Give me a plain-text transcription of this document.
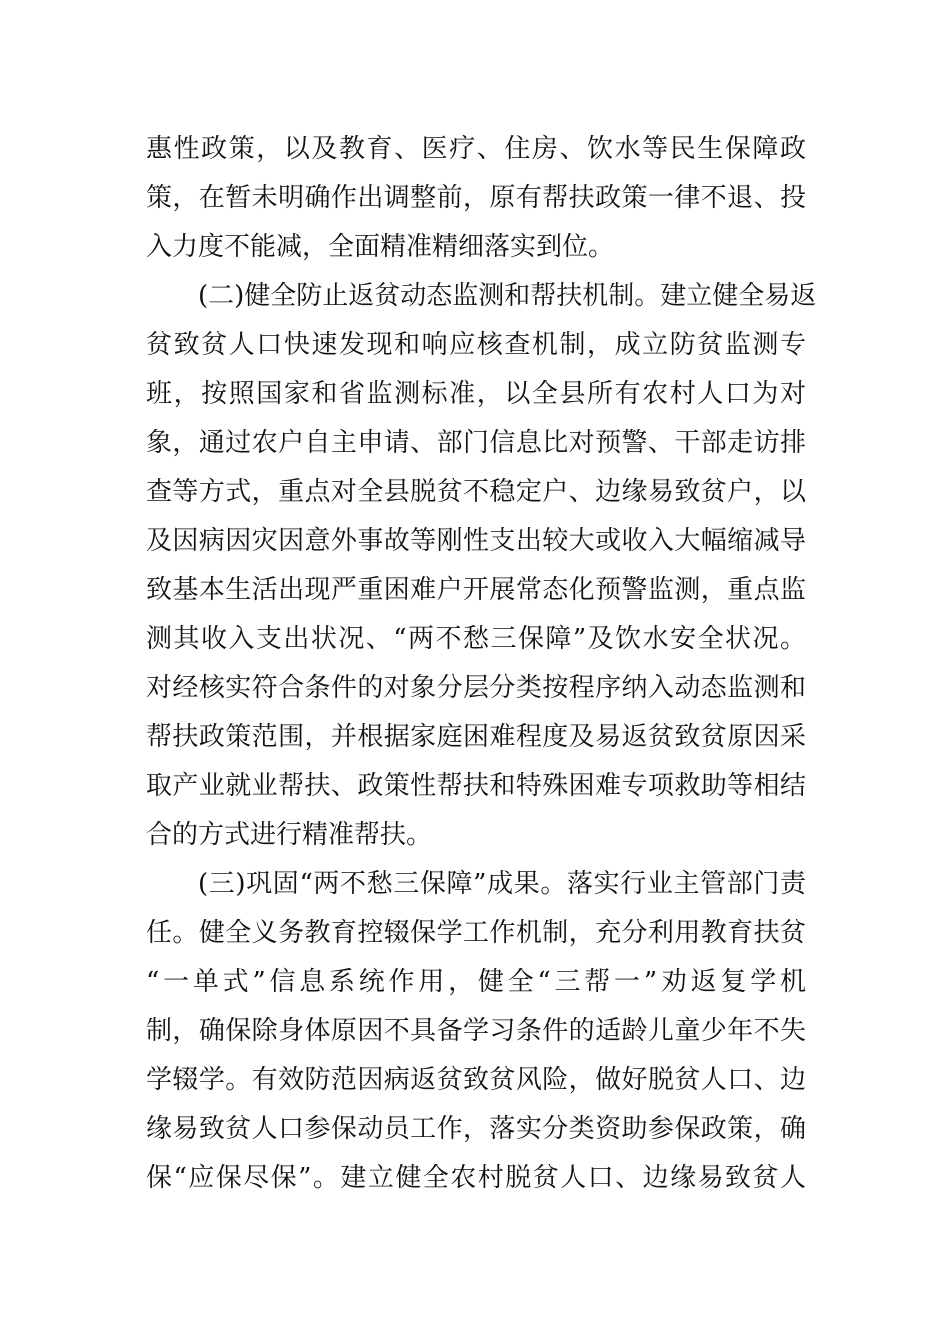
惠性政策，以及教育、医疗、住房、饮水等民生保障政
策，在暂未明确作出调整前，原有帮扶政策一律不退、投
入力度不能减，全面精准精细落实到位。
(二)健全防止返贫动态监测和帮扶机制。建立健全易返
贫致贫人口快速发现和响应核查机制，成立防贫监测专
班，按照国家和省监测标准，以全县所有农村人口为对
象，通过农户自主申请、部门信息比对预警、干部走访排
查等方式，重点对全县脱贫不稳定户、边缘易致贫户，以
及因病因灾因意外事故等刚性支出较大或收入大幅缩减导
致基本生活出现严重困难户开展常态化预警监测，重点监
测其收入支出状况、“两不愁三保障”及饮水安全状况。
对经核实符合条件的对象分层分类按程序纳入动态监测和
帮扶政策范围，并根据家庭困难程度及易返贫致贫原因采
取产业就业帮扶、政策性帮扶和特殊困难专项救助等相结
合的方式进行精准帮扶。
(三)巩固“两不愁三保障”成果。落实行业主管部门责
任。健全义务教育控辍保学工作机制，充分利用教育扶贫
“一单式”信息系统作用，健全“三帮一”劝返复学机
制，确保除身体原因不具备学习条件的适龄儿童少年不失
学辍学。有效防范因病返贫致贫风险，做好脱贫人口、边
缘易致贫人口参保动员工作，落实分类资助参保政策，确
保“应保尽保”。建立健全农村脱贫人口、边缘易致贫人
